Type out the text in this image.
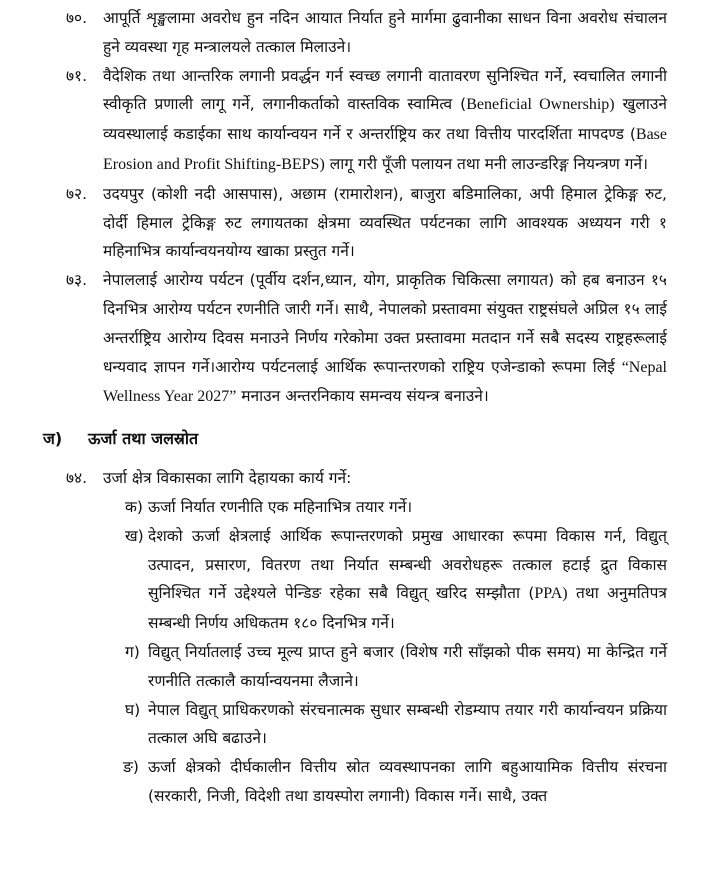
७०. आपूर्ति शृङ्खलामा अवरोध हुन नदिन आयात निर्यात हुने मार्गमा ढुवानीका साधन विना अवरोध संचालन हुने व्यवस्था गृह मन्त्रालयले तत्काल मिलाउने।
७१. वैदेशिक तथा आन्तरिक लगानी प्रवर्द्धन गर्न स्वच्छ लगानी वातावरण सुनिश्चित गर्ने, स्वचालित लगानी स्वीकृति प्रणाली लागू गर्ने, लगानीकर्ताको वास्तविक स्वामित्व (Beneficial Ownership) खुलाउने व्यवस्थालाई कडाईका साथ कार्यान्वयन गर्ने र अन्तर्राष्ट्रिय कर तथा वित्तीय पारदर्शिता मापदण्ड (Base Erosion and Profit Shifting-BEPS) लागू गरी पूँजी पलायन तथा मनी लाउन्डरिङ्ग नियन्त्रण गर्ने।
७२. उदयपुर (कोशी नदी आसपास), अछाम (रामारोशन), बाजुरा बडिमालिका, अपी हिमाल ट्रेकिङ्ग रुट, दोर्दी हिमाल ट्रेकिङ्ग रुट लगायतका क्षेत्रमा व्यवस्थित पर्यटनका लागि आवश्यक अध्ययन गरी १ महिनाभित्र कार्यान्वयनयोग्य खाका प्रस्तुत गर्ने।
७३. नेपाललाई आरोग्य पर्यटन (पूर्वीय दर्शन,ध्यान, योग, प्राकृतिक चिकित्सा लगायत) को हब बनाउन १५ दिनभित्र आरोग्य पर्यटन रणनीति जारी गर्ने। साथै, नेपालको प्रस्तावमा संयुक्त राष्ट्रसंघले अप्रिल १५ लाई अन्तर्राष्ट्रिय आरोग्य दिवस मनाउने निर्णय गरेकोमा उक्त प्रस्तावमा मतदान गर्ने सबै सदस्य राष्ट्रहरूलाई धन्यवाद ज्ञापन गर्ने।आरोग्य पर्यटनलाई आर्थिक रूपान्तरणको राष्ट्रिय एजेन्डाको रूपमा लिई “Nepal Wellness Year 2027” मनाउन अन्तरनिकाय समन्वय संयन्त्र बनाउने।
ज) ऊर्जा तथा जलस्रोत
७४. उर्जा क्षेत्र विकासका लागि देहायका कार्य गर्ने:
क) ऊर्जा निर्यात रणनीति एक महिनाभित्र तयार गर्ने।
ख) देशको ऊर्जा क्षेत्रलाई आर्थिक रूपान्तरणको प्रमुख आधारका रूपमा विकास गर्न, विद्युत् उत्पादन, प्रसारण, वितरण तथा निर्यात सम्बन्धी अवरोधहरू तत्काल हटाई द्रुत विकास सुनिश्चित गर्ने उद्देश्यले पेन्डिङ रहेका सबै विद्युत् खरिद सम्झौता (PPA) तथा अनुमतिपत्र सम्बन्धी निर्णय अधिकतम १८० दिनभित्र गर्ने।
ग) विद्युत् निर्यातलाई उच्च मूल्य प्राप्त हुने बजार (विशेष गरी साँझको पीक समय) मा केन्द्रित गर्ने रणनीति तत्कालै कार्यान्वयनमा लैजाने।
घ) नेपाल विद्युत् प्राधिकरणको संरचनात्मक सुधार सम्बन्धी रोडम्याप तयार गरी कार्यान्वयन प्रक्रिया तत्काल अघि बढाउने।
ङ) ऊर्जा क्षेत्रको दीर्घकालीन वित्तीय स्रोत व्यवस्थापनका लागि बहुआयामिक वित्तीय संरचना (सरकारी, निजी, विदेशी तथा डायस्पोरा लगानी) विकास गर्ने। साथै, उक्त
